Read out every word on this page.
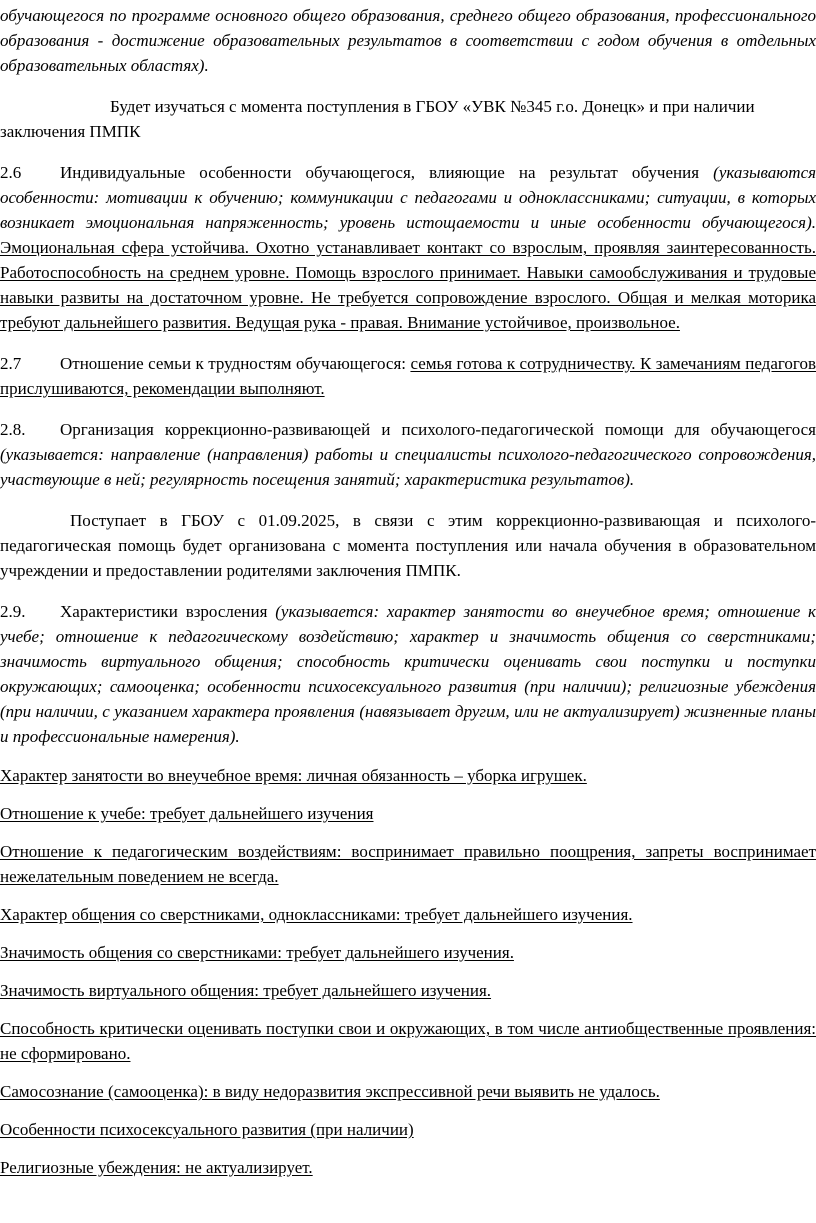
обучающегося по программе основного общего образования, среднего общего образования, профессионального образования - достижение образовательных результатов в соответствии с годом обучения в отдельных образовательных областях).

Будет изучаться с момента поступления в ГБОУ «УВК №345 г.о. Донецк» и при наличии заключения ПМПК

2.6 Индивидуальные особенности обучающегося, влияющие на результат обучения (указываются особенности: мотивации к обучению; коммуникации с педагогами и одноклассниками; ситуации, в которых возникает эмоциональная напряженность; уровень истощаемости и иные особенности обучающегося). Эмоциональная сфера устойчива. Охотно устанавливает контакт со взрослым, проявляя заинтересованность. Работоспособность на среднем уровне. Помощь взрослого принимает. Навыки самообслуживания и трудовые навыки развиты на достаточном уровне. Не требуется сопровождение взрослого. Общая и мелкая моторика требуют дальнейшего развития. Ведущая рука - правая. Внимание устойчивое, произвольное.

2.7 Отношение семьи к трудностям обучающегося: семья готова к сотрудничеству. К замечаниям педагогов прислушиваются, рекомендации выполняют.

2.8. Организация коррекционно-развивающей и психолого-педагогической помощи для обучающегося (указывается: направление (направления) работы и специалисты психолого-педагогического сопровождения, участвующие в ней; регулярность посещения занятий; характеристика результатов).

Поступает в ГБОУ с 01.09.2025, в связи с этим коррекционно-развивающая и психолого-педагогическая помощь будет организована с момента поступления или начала обучения в образовательном учреждении и предоставлении родителями заключения ПМПК.

2.9. Характеристики взросления (указывается: характер занятости во внеучебное время; отношение к учебе; отношение к педагогическому воздействию; характер и значимость общения со сверстниками; значимость виртуального общения; способность критически оценивать свои поступки и поступки окружающих; самооценка; особенности психосексуального развития (при наличии); религиозные убеждения (при наличии, с указанием характера проявления (навязывает другим, или не актуализирует) жизненные планы и профессиональные намерения).

Характер занятости во внеучебное время: личная обязанность – уборка игрушек.

Отношение к учебе: требует дальнейшего изучения

Отношение к педагогическим воздействиям: воспринимает правильно поощрения, запреты воспринимает нежелательным поведением не всегда.

Характер общения со сверстниками, одноклассниками: требует дальнейшего изучения.

Значимость общения со сверстниками: требует дальнейшего изучения.

Значимость виртуального общения: требует дальнейшего изучения.

Способность критически оценивать поступки свои и окружающих, в том числе антиобщественные проявления: не сформировано.

Самосознание (самооценка): в виду недоразвития экспрессивной речи выявить не удалось.

Особенности психосексуального развития (при наличии)

Религиозные убеждения: не актуализирует.
